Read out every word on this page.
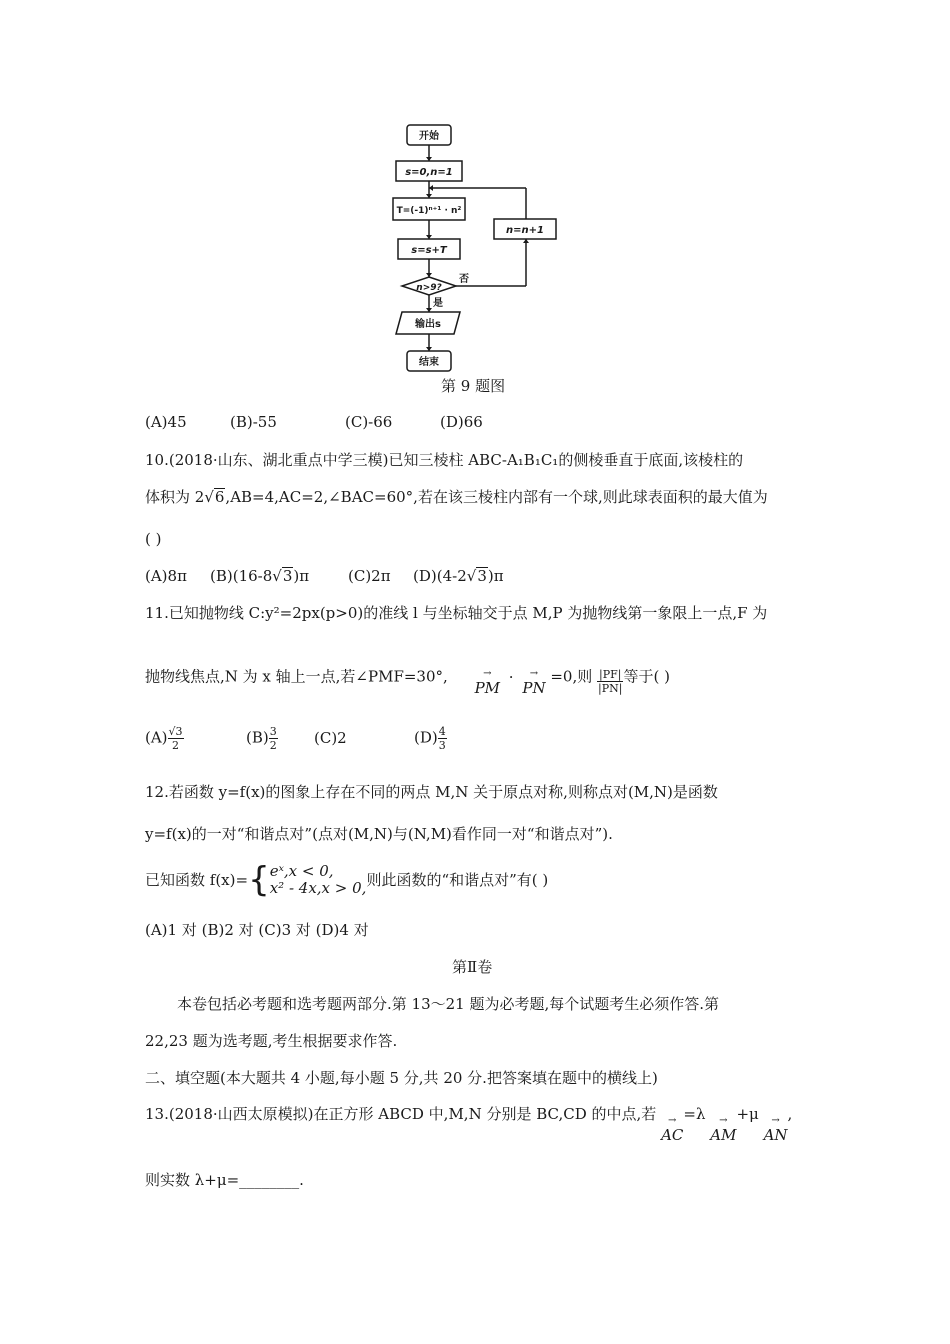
开始
s=0,n=1
T=(-1)ⁿ⁺¹ · n²
s=s+T
n>9?
输出s
结束
n=n+1
否
是
第 9 题图
(A)45	(B)-55	(C)-66	(D)66
10.(2018·山东、湖北重点中学三模)已知三棱柱 ABC-A₁B₁C₁的侧棱垂直于底面,该棱柱的
体积为 2√6,AB=4,AC=2,∠BAC=60°,若在该三棱柱内部有一个球,则此球表面积的最大值为
( )
(A)8π (B)(16-8√3)π	(C)2π (D)(4-2√3)π
11.已知抛物线 C:y²=2px(p>0)的准线 l 与坐标轴交于点 M,P 为抛物线第一象限上一点,F 为
抛物线焦点,N 为 x 轴上一点,若∠PMF=30°,	→
PM
·	→
PN
=0,则 $\frac{|PF|}{|PN|}$ 等于( )
$(A) \frac{√3}{2}$	$(B) \frac{3}{2} (C)2$	$(D) \frac{4}{3}$
12.若函数 y=f(x)的图象上存在不同的两点 M,N 关于原点对称,则称点对(M,N)是函数
y=f(x)的一对“和谐点对”(点对(M,N)与(N,M)看作同一对“和谐点对”).
已知函数 f(x)={ eˣ,x < 0,
x² - 4x,x > 0, 则此函数的“和谐点对”有( )
(A)1 对 (B)2 对 (C)3 对 (D)4 对
第Ⅱ卷
本卷包括必考题和选考题两部分.第 13～21 题为必考题,每个试题考生必须作答.第
22,23 题为选考题,考生根据要求作答.
二、填空题(本大题共 4 小题,每小题 5 分,共 20 分.把答案填在题中的横线上)
13.(2018·山西太原模拟)在正方形 ABCD 中,M,N 分别是 BC,CD 的中点,若	→
AC
=λ	→
AM
+μ	→
AN
,
则实数 λ+μ=________.
